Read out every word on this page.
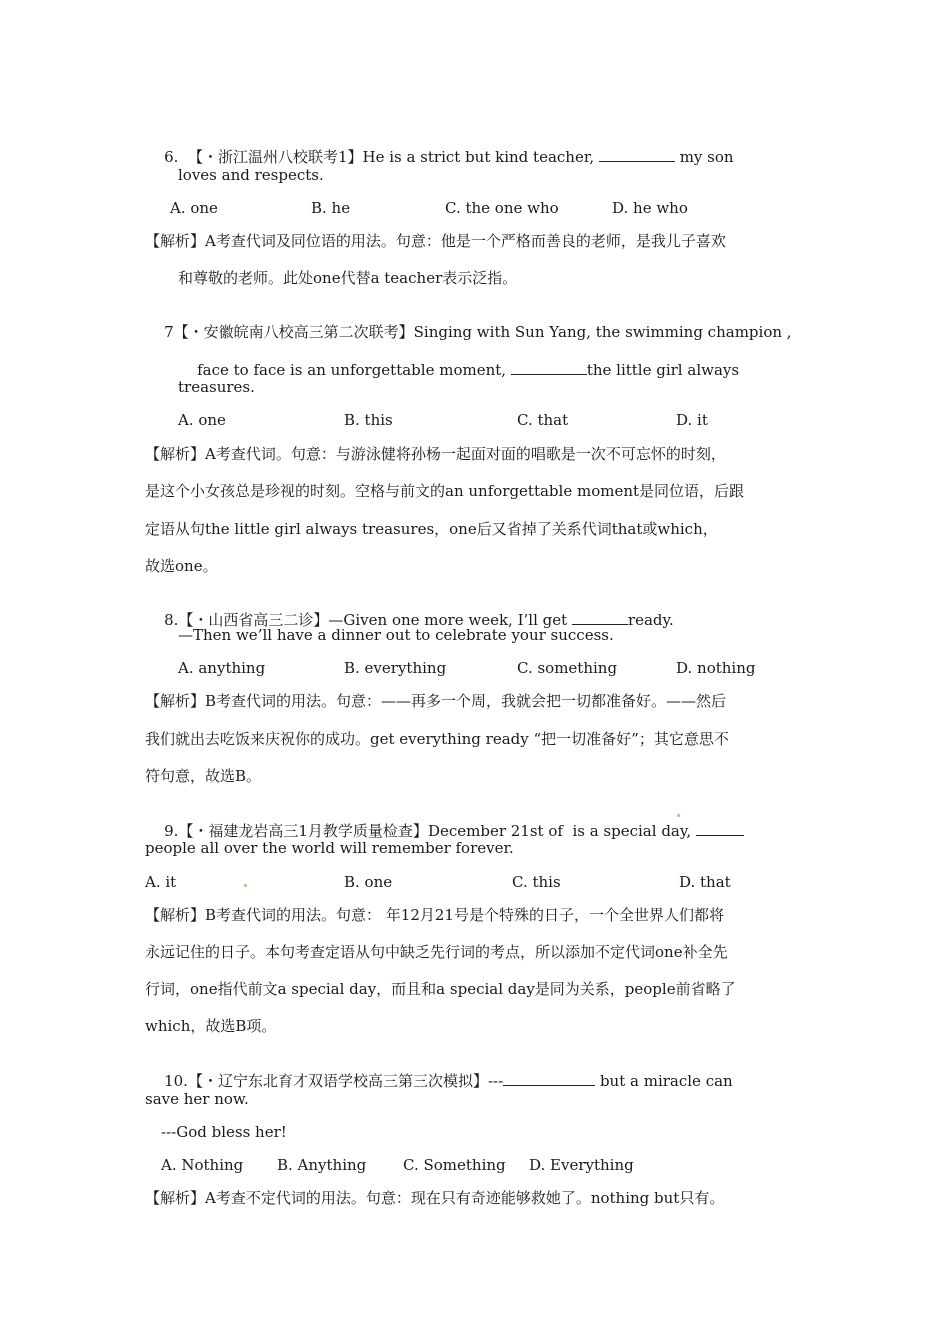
6. 【・浙江温州八校联考1】He is a strict but kind teacher,	my son

loves and respects.
A. one	B. he	C. the one who	D. he who
【解析】A考查代词及同位语的用法。句意：他是一个严格而善良的老师，是我儿子喜欢
和尊敬的老师。此处one代替a teacher表示泛指。

7【・安徽皖南八校高三第二次联考】Singing with Sun Yang, the swimming champion ,

face to face is an unforgettable moment,	the little girl always

treasures.
A. one	B. this	C. that	D. it
【解析】A考查代词。句意：与游泳健将孙杨一起面对面的唱歌是一次不可忘怀的时刻，
是这个小女孩总是珍视的时刻。空格与前文的an unforgettable moment是同位语，后跟
定语从句the little girl always treasures，one后又省掉了关系代词that或which，
故选one。

8.【・山西省高三二诊】—Given one more week, I’ll get	ready.

—Then we’ll have a dinner out to celebrate your success.
A. anything	B. everything	C. something	D. nothing
【解析】B考查代词的用法。句意：——再多一个周，我就会把一切都准备好。——然后
我们就出去吃饭来庆祝你的成功。get everything ready “把一切准备好”；其它意思不
符句意，故选B。

9.【・福建龙岩高三1月教学质量检查】December 21st of  is a special day,

people all over the world will remember forever.
A. it	B. one	C. this	D. that
【解析】B考查代词的用法。句意： 年12月21号是个特殊的日子，一个全世界人们都将
永远记住的日子。本句考查定语从句中缺乏先行词的考点，所以添加不定代词one补全先
行词，one指代前文a special day，而且和a special day是同为关系，people前省略了
which，故选B项。

10.【・辽宁东北育才双语学校高三第三次模拟】---	but a miracle can

save her now.
---God bless her!
A. Nothing B. Anything C. Something D. Everything
【解析】A考查不定代词的用法。句意：现在只有奇迹能够救她了。nothing but只有。
